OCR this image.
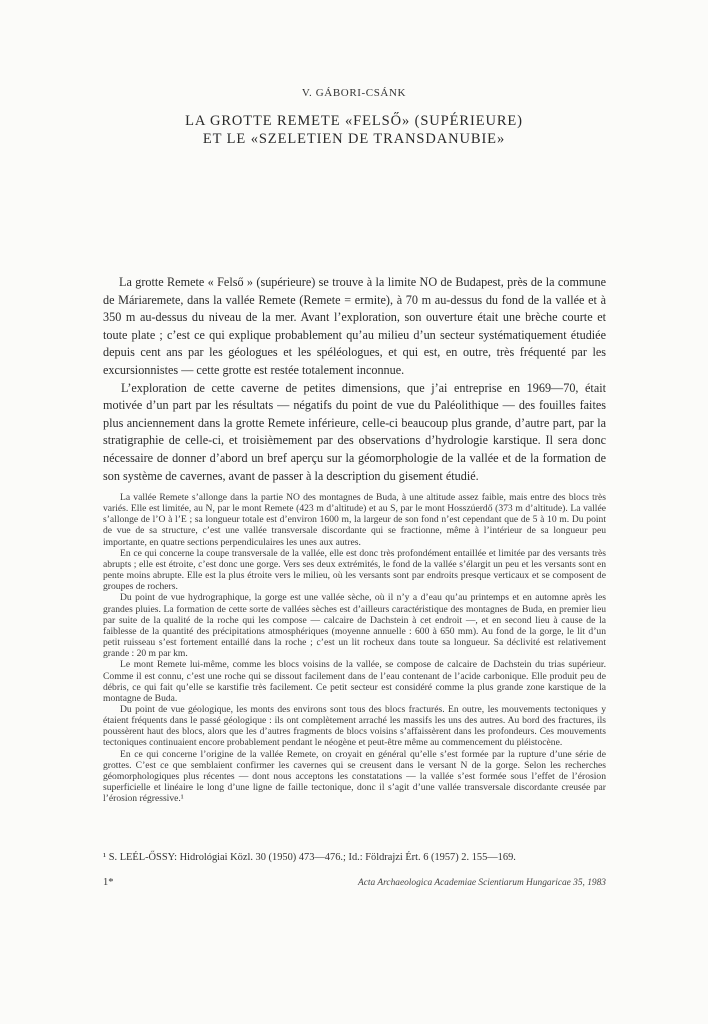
V. GÁBORI-CSÁNK
LA GROTTE REMETE «FELSŐ» (SUPÉRIEURE)
ET LE «SZELETIEN DE TRANSDANUBIE»

La grotte Remete « Felső » (supérieure) se trouve à la limite NO de Budapest, près de la commune de Máriaremete, dans la vallée Remete (Remete = ermite), à 70 m au-dessus du fond de la vallée et à 350 m au-dessus du niveau de la mer. Avant l’exploration, son ouverture était une brèche courte et toute plate ; c’est ce qui explique probablement qu’au milieu d’un secteur systématiquement étudiée depuis cent ans par les géologues et les spéléologues, et qui est, en outre, très fréquenté par les excursionnistes — cette grotte est restée totalement inconnue.

L’exploration de cette caverne de petites dimensions, que j’ai entreprise en 1969—70, était motivée d’un part par les résultats — négatifs du point de vue du Paléolithique — des fouilles faites plus anciennement dans la grotte Remete inférieure, celle-ci beaucoup plus grande, d’autre part, par la stratigraphie de celle-ci, et troisièmement par des observations d’hydrologie karstique. Il sera donc nécessaire de donner d’abord un bref aperçu sur la géomorphologie de la vallée et de la formation de son système de cavernes, avant de passer à la description du gisement étudié.

La vallée Remete s’allonge dans la partie NO des montagnes de Buda, à une altitude assez faible, mais entre des blocs très variés. Elle est limitée, au N, par le mont Remete (423 m d’altitude) et au S, par le mont Hosszúerdő (373 m d’altitude). La vallée s’allonge de l’O à l’E ; sa longueur totale est d’environ 1600 m, la largeur de son fond n’est cependant que de 5 à 10 m. Du point de vue de sa structure, c’est une vallée transversale discordante qui se fractionne, même à l’intérieur de sa longueur peu importante, en quatre sections perpendiculaires les unes aux autres.

En ce qui concerne la coupe transversale de la vallée, elle est donc très profondément entaillée et limitée par des versants très abrupts ; elle est étroite, c’est donc une gorge. Vers ses deux extrémités, le fond de la vallée s’élargit un peu et les versants sont en pente moins abrupte. Elle est la plus étroite vers le milieu, où les versants sont par endroits presque verticaux et se composent de groupes de rochers.

Du point de vue hydrographique, la gorge est une vallée sèche, où il n’y a d’eau qu’au printemps et en automne après les grandes pluies. La formation de cette sorte de vallées sèches est d’ailleurs caractéristique des montagnes de Buda, en premier lieu par suite de la qualité de la roche qui les compose — calcaire de Dachstein à cet endroit —, et en second lieu à cause de la faiblesse de la quantité des précipitations atmosphériques (moyenne annuelle : 600 à 650 mm). Au fond de la gorge, le lit d’un petit ruisseau s’est fortement entaillé dans la roche ; c’est un lit rocheux dans toute sa longueur. Sa déclivité est relativement grande : 20 m par km.

Le mont Remete lui-même, comme les blocs voisins de la vallée, se compose de calcaire de Dachstein du trias supérieur. Comme il est connu, c’est une roche qui se dissout facilement dans de l’eau contenant de l’acide carbonique. Elle produit peu de débris, ce qui fait qu’elle se karstifie très facilement. Ce petit secteur est considéré comme la plus grande zone karstique de la montagne de Buda.

Du point de vue géologique, les monts des environs sont tous des blocs fracturés. En outre, les mouvements tectoniques y étaient fréquents dans le passé géologique : ils ont complètement arraché les massifs les uns des autres. Au bord des fractures, ils poussèrent haut des blocs, alors que les d’autres fragments de blocs voisins s’affaissèrent dans les profondeurs. Ces mouvements tectoniques continuaient encore probablement pendant le néogène et peut-être même au commencement du pléistocène.

En ce qui concerne l’origine de la vallée Remete, on croyait en général qu’elle s’est formée par la rupture d’une série de grottes. C’est ce que semblaient confirmer les cavernes qui se creusent dans le versant N de la gorge. Selon les recherches géomorphologiques plus récentes — dont nous acceptons les constatations — la vallée s’est formée sous l’effet de l’érosion superficielle et linéaire le long d’une ligne de faille tectonique, donc il s’agit d’une vallée transversale discordante creusée par l’érosion régressive.¹

¹ S. LEÉL-ŐSSY: Hidrológiai Közl. 30 (1950) 473—476.; Id.: Földrajzi Ért. 6 (1957) 2. 155—169.
1*	Acta Archaeologica Academiae Scientiarum Hungaricae 35, 1983
